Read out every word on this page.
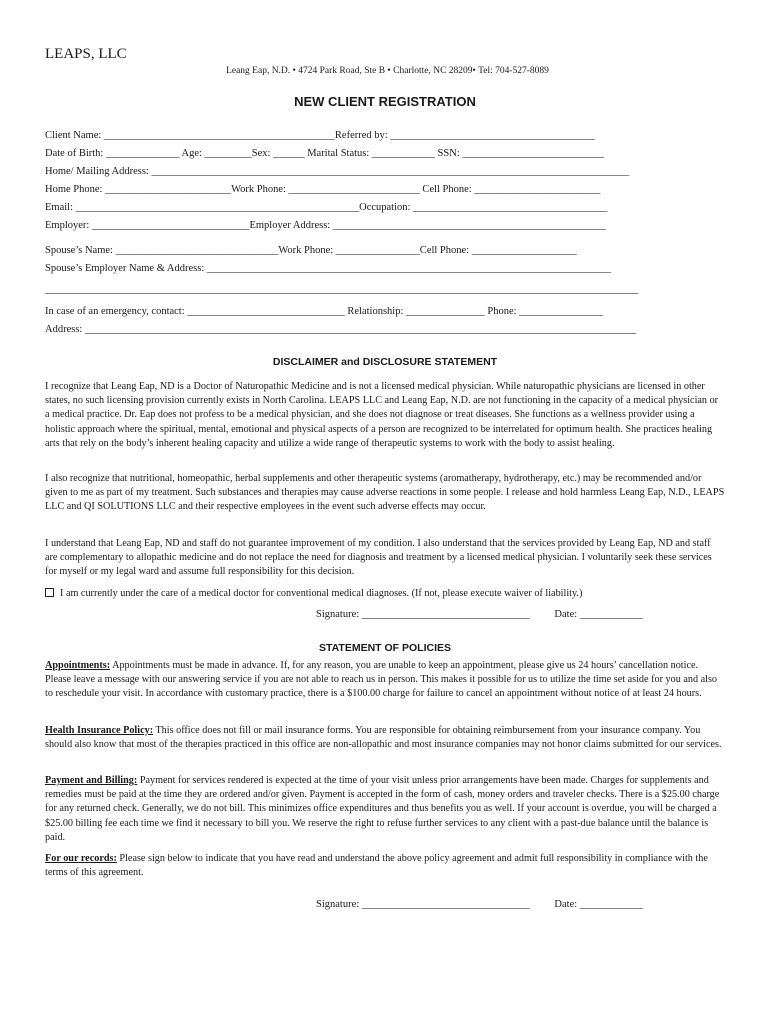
LEAPS, LLC
Leang Eap, N.D. • 4724 Park Road, Ste B • Charlotte, NC 28209• Tel: 704-527-8089
NEW CLIENT REGISTRATION
Client Name: ____________________________________________Referred by: _______________________________________
Date of Birth: ______________ Age: _________Sex: ______ Marital Status: ____________ SSN: ___________________________
Home/ Mailing Address: ___________________________________________________________________________________________
Home Phone: ________________________Work Phone: _________________________ Cell Phone: ________________________
Email: ______________________________________________________Occupation: _____________________________________
Employer: ______________________________Employer Address: ____________________________________________________
Spouse’s Name: _______________________________Work Phone: ________________Cell Phone: ____________________
Spouse’s Employer Name & Address: _____________________________________________________________________________
_________________________________________________________________________________________________________________
In case of an emergency, contact: ______________________________ Relationship: _______________ Phone: ________________
Address: _________________________________________________________________________________________________________
DISCLAIMER and DISCLOSURE STATEMENT
I recognize that Leang Eap, ND is a Doctor of Naturopathic Medicine and is not a licensed medical physician. While naturopathic physicians are licensed in other states, no such licensing provision currently exists in North Carolina. LEAPS LLC and Leang Eap, N.D. are not functioning in the capacity of a medical physician or a medical practice. Dr. Eap does not profess to be a medical physician, and she does not diagnose or treat diseases. She functions as a wellness provider using a holistic approach where the spiritual, mental, emotional and physical aspects of a person are recognized to be interrelated for optimum health. She practices healing arts that rely on the body’s inherent healing capacity and utilize a wide range of therapeutic systems to work with the body to assist healing.
I also recognize that nutritional, homeopathic, herbal supplements and other therapeutic systems (aromatherapy, hydrotherapy, etc.) may be recommended and/or given to me as part of my treatment. Such substances and therapies may cause adverse reactions in some people. I release and hold harmless Leang Eap, N.D., LEAPS LLC and QI SOLUTIONS LLC and their respective employees in the event such adverse effects may occur.
I understand that Leang Eap, ND and staff do not guarantee improvement of my condition. I also understand that the services provided by Leang Eap, ND and staff are complementary to allopathic medicine and do not replace the need for diagnosis and treatment by a licensed medical physician. I voluntarily seek these services for myself or my legal ward and assume full responsibility for this decision.
I am currently under the care of a medical doctor for conventional medical diagnoses. (If not, please execute waiver of liability.)
Signature: ________________________________ Date: ____________
STATEMENT OF POLICIES
Appointments: Appointments must be made in advance. If, for any reason, you are unable to keep an appointment, please give us 24 hours’ cancellation notice. Please leave a message with our answering service if you are not able to reach us in person. This makes it possible for us to utilize the time set aside for you and also to reschedule your visit. In accordance with customary practice, there is a $100.00 charge for failure to cancel an appointment without notice of at least 24 hours.
Health Insurance Policy: This office does not fill or mail insurance forms. You are responsible for obtaining reimbursement from your insurance company. You should also know that most of the therapies practiced in this office are non-allopathic and most insurance companies may not honor claims submitted for our services.
Payment and Billing: Payment for services rendered is expected at the time of your visit unless prior arrangements have been made. Charges for supplements and remedies must be paid at the time they are ordered and/or given. Payment is accepted in the form of cash, money orders and traveler checks. There is a $25.00 charge for any returned check. Generally, we do not bill. This minimizes office expenditures and thus benefits you as well. If your account is overdue, you will be charged a $25.00 billing fee each time we find it necessary to bill you. We reserve the right to refuse further services to any client with a past-due balance until the balance is paid.
For our records: Please sign below to indicate that you have read and understand the above policy agreement and admit full responsibility in compliance with the terms of this agreement.
Signature: ________________________________ Date: ____________
